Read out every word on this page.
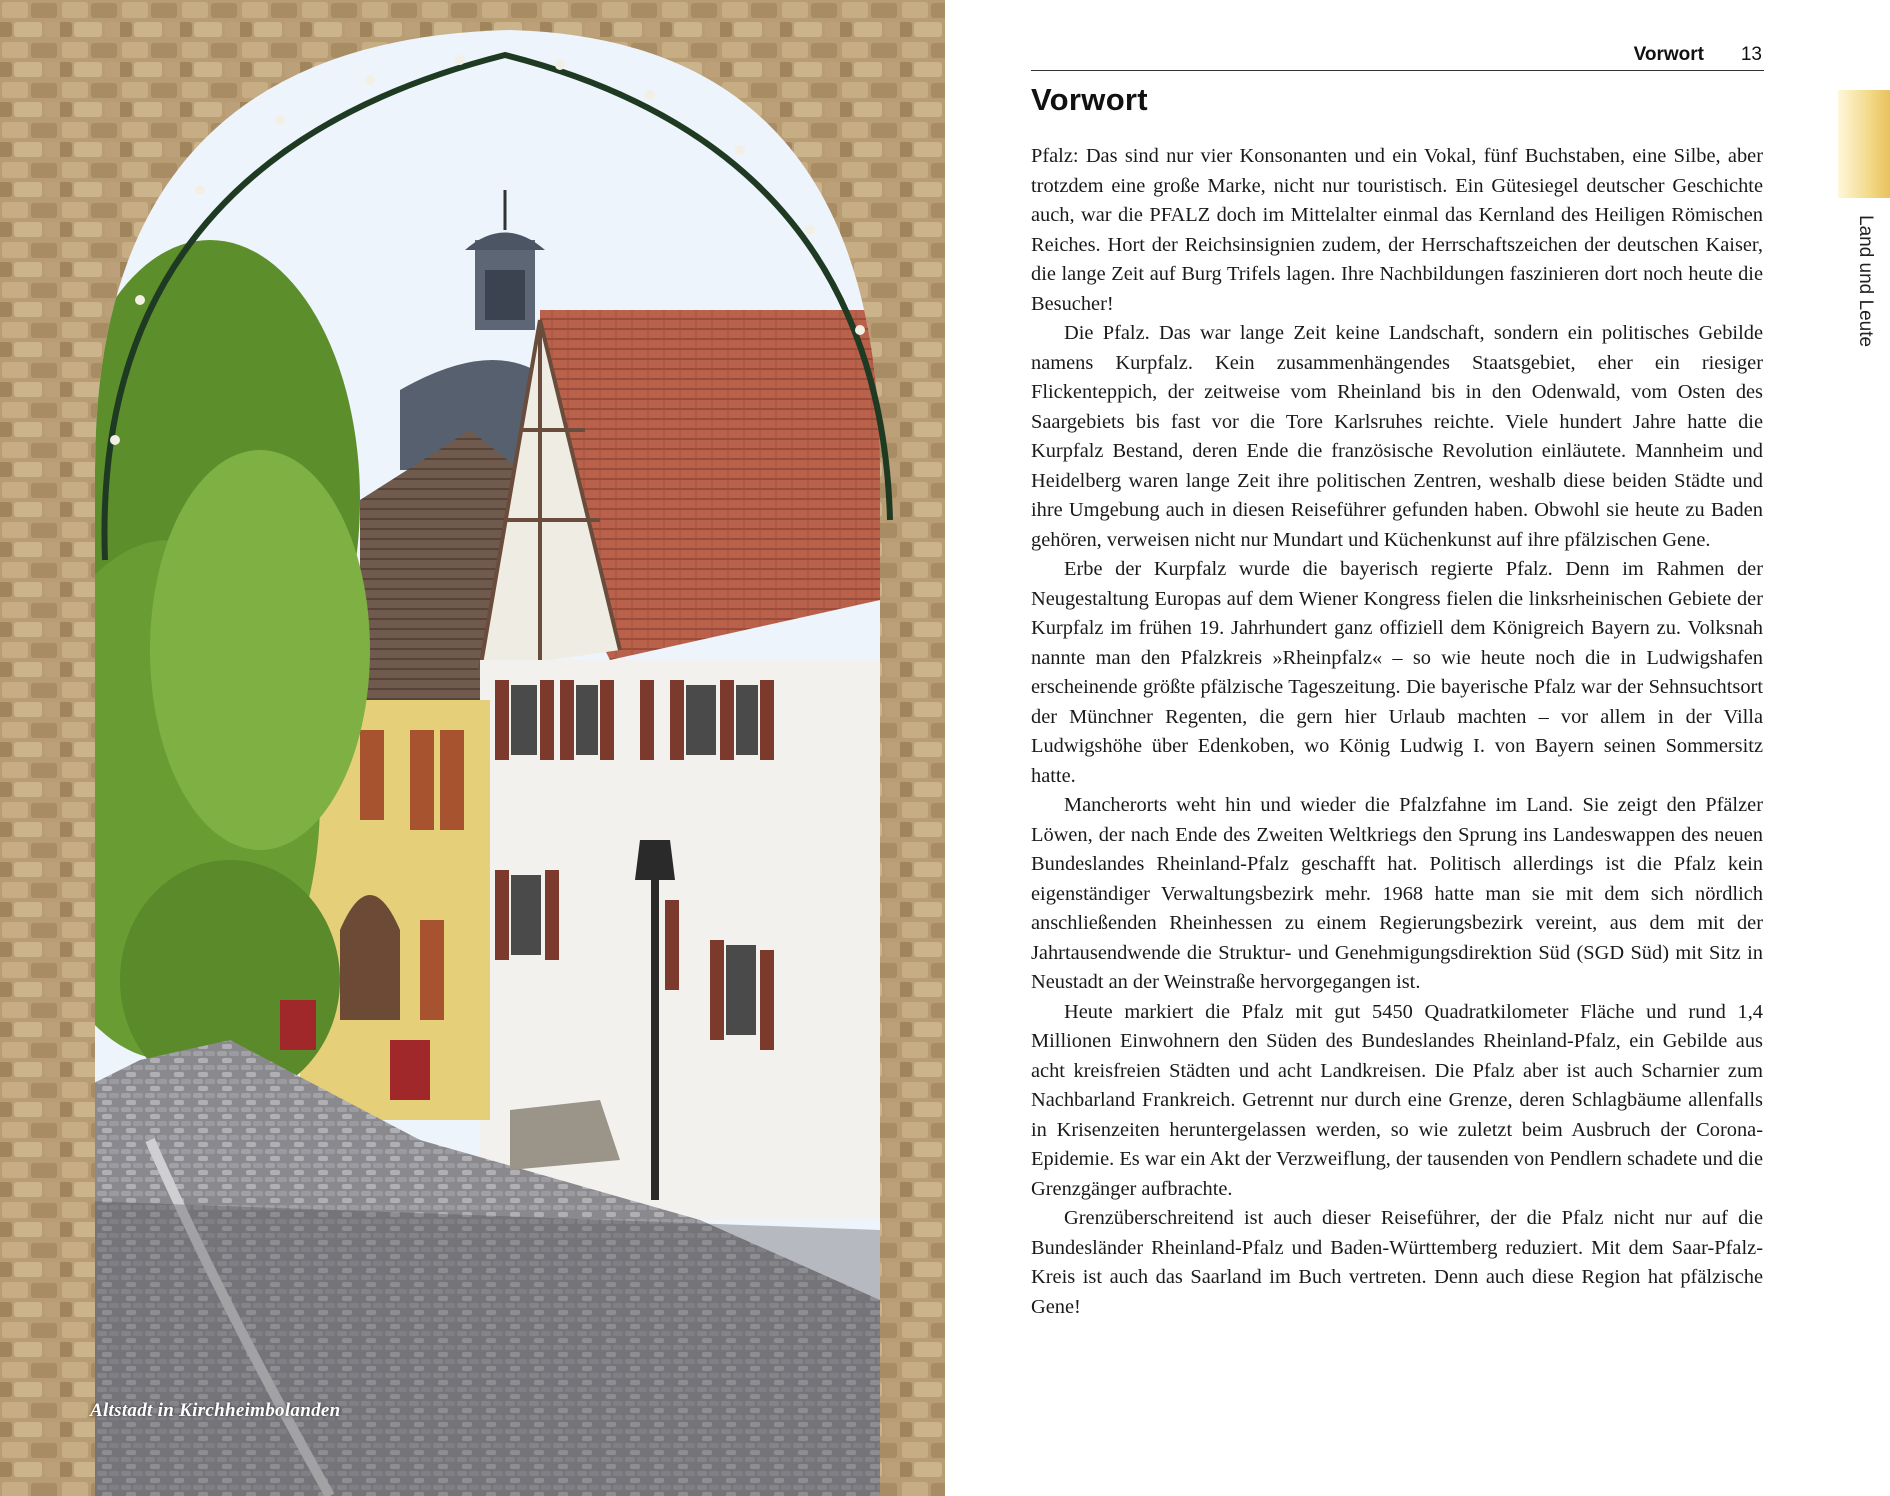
Altstadt in Kirchheimbolanden
Vorwort 13
Vorwort

Pfalz: Das sind nur vier Konsonanten und ein Vokal, fünf Buchstaben, eine Silbe, aber trotzdem eine große Marke, nicht nur touristisch. Ein Gütesiegel deutscher Geschichte auch, war die PFALZ doch im Mittelalter einmal das Kernland des Heiligen Römischen Reiches. Hort der Reichsinsignien zudem, der Herrschaftszeichen der deutschen Kaiser, die lange Zeit auf Burg Trifels lagen. Ihre Nachbildungen faszinieren dort noch heute die Besucher!

Die Pfalz. Das war lange Zeit keine Landschaft, sondern ein politisches Gebilde namens Kurpfalz. Kein zusammenhängendes Staatsgebiet, eher ein riesiger Flickenteppich, der zeitweise vom Rheinland bis in den Odenwald, vom Osten des Saargebiets bis fast vor die Tore Karlsruhes reichte. Viele hundert Jahre hatte die Kurpfalz Bestand, deren Ende die französische Revolution einläutete. Mannheim und Heidelberg waren lange Zeit ihre politischen Zentren, weshalb diese beiden Städte und ihre Umgebung auch in diesen Reiseführer gefunden haben. Obwohl sie heute zu Baden gehören, verweisen nicht nur Mundart und Küchenkunst auf ihre pfälzischen Gene.

Erbe der Kurpfalz wurde die bayerisch regierte Pfalz. Denn im Rahmen der Neugestaltung Europas auf dem Wiener Kongress fielen die linksrheinischen Gebiete der Kurpfalz im frühen 19. Jahrhundert ganz offiziell dem Königreich Bayern zu. Volksnah nannte man den Pfalzkreis »Rheinpfalz« – so wie heute noch die in Ludwigshafen erscheinende größte pfälzische Tageszeitung. Die bayerische Pfalz war der Sehnsuchtsort der Münchner Regenten, die gern hier Urlaub machten – vor allem in der Villa Ludwigshöhe über Edenkoben, wo König Ludwig I. von Bayern seinen Sommersitz hatte.

Mancherorts weht hin und wieder die Pfalzfahne im Land. Sie zeigt den Pfälzer Löwen, der nach Ende des Zweiten Weltkriegs den Sprung ins Landeswappen des neuen Bundeslandes Rheinland-Pfalz geschafft hat. Politisch allerdings ist die Pfalz kein eigenständiger Verwaltungsbezirk mehr. 1968 hatte man sie mit dem sich nördlich anschließenden Rheinhessen zu einem Regierungsbezirk vereint, aus dem mit der Jahrtausendwende die Struktur- und Genehmigungsdirektion Süd (SGD Süd) mit Sitz in Neustadt an der Weinstraße hervorgegangen ist.

Heute markiert die Pfalz mit gut 5450 Quadratkilometer Fläche und rund 1,4 Millionen Einwohnern den Süden des Bundeslandes Rheinland-Pfalz, ein Gebilde aus acht kreisfreien Städten und acht Landkreisen. Die Pfalz aber ist auch Scharnier zum Nachbarland Frankreich. Getrennt nur durch eine Grenze, deren Schlagbäume allenfalls in Krisenzeiten heruntergelassen werden, so wie zuletzt beim Ausbruch der Corona-Epidemie. Es war ein Akt der Verzweiflung, der tausenden von Pendlern schadete und die Grenzgänger aufbrachte.

Grenzüberschreitend ist auch dieser Reiseführer, der die Pfalz nicht nur auf die Bundesländer Rheinland-Pfalz und Baden-Württemberg reduziert. Mit dem Saar-Pfalz-Kreis ist auch das Saarland im Buch vertreten. Denn auch diese Region hat pfälzische Gene!

Land und Leute
